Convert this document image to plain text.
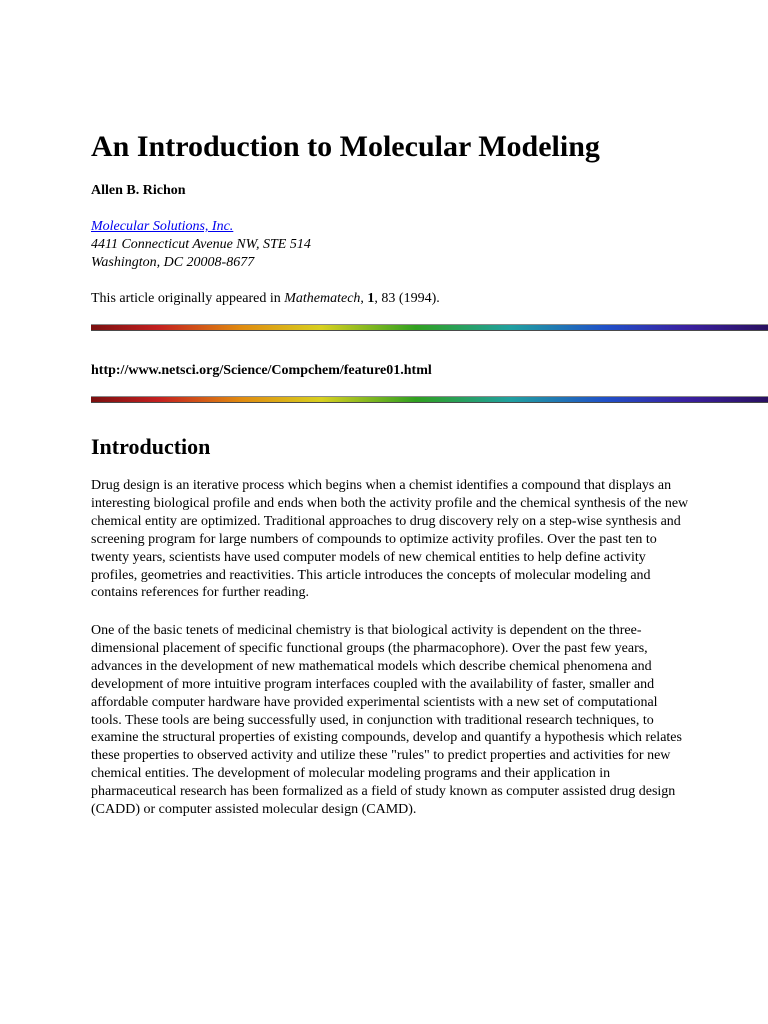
An Introduction to Molecular Modeling

Allen B. Richon

Molecular Solutions, Inc.
4411 Connecticut Avenue NW, STE 514
Washington, DC 20008-8677

This article originally appeared in Mathematech, 1, 83 (1994).

http://www.netsci.org/Science/Compchem/feature01.html

Introduction

Drug design is an iterative process which begins when a chemist identifies a compound that displays an interesting biological profile and ends when both the activity profile and the chemical synthesis of the new chemical entity are optimized. Traditional approaches to drug discovery rely on a step-wise synthesis and screening program for large numbers of compounds to optimize activity profiles. Over the past ten to twenty years, scientists have used computer models of new chemical entities to help define activity profiles, geometries and reactivities. This article introduces the concepts of molecular modeling and contains references for further reading.

One of the basic tenets of medicinal chemistry is that biological activity is dependent on the three-dimensional placement of specific functional groups (the pharmacophore). Over the past few years, advances in the development of new mathematical models which describe chemical phenomena and development of more intuitive program interfaces coupled with the availability of faster, smaller and affordable computer hardware have provided experimental scientists with a new set of computational tools. These tools are being successfully used, in conjunction with traditional research techniques, to examine the structural properties of existing compounds, develop and quantify a hypothesis which relates these properties to observed activity and utilize these "rules" to predict properties and activities for new chemical entities. The development of molecular modeling programs and their application in pharmaceutical research has been formalized as a field of study known as computer assisted drug design (CADD) or computer assisted molecular design (CAMD).
